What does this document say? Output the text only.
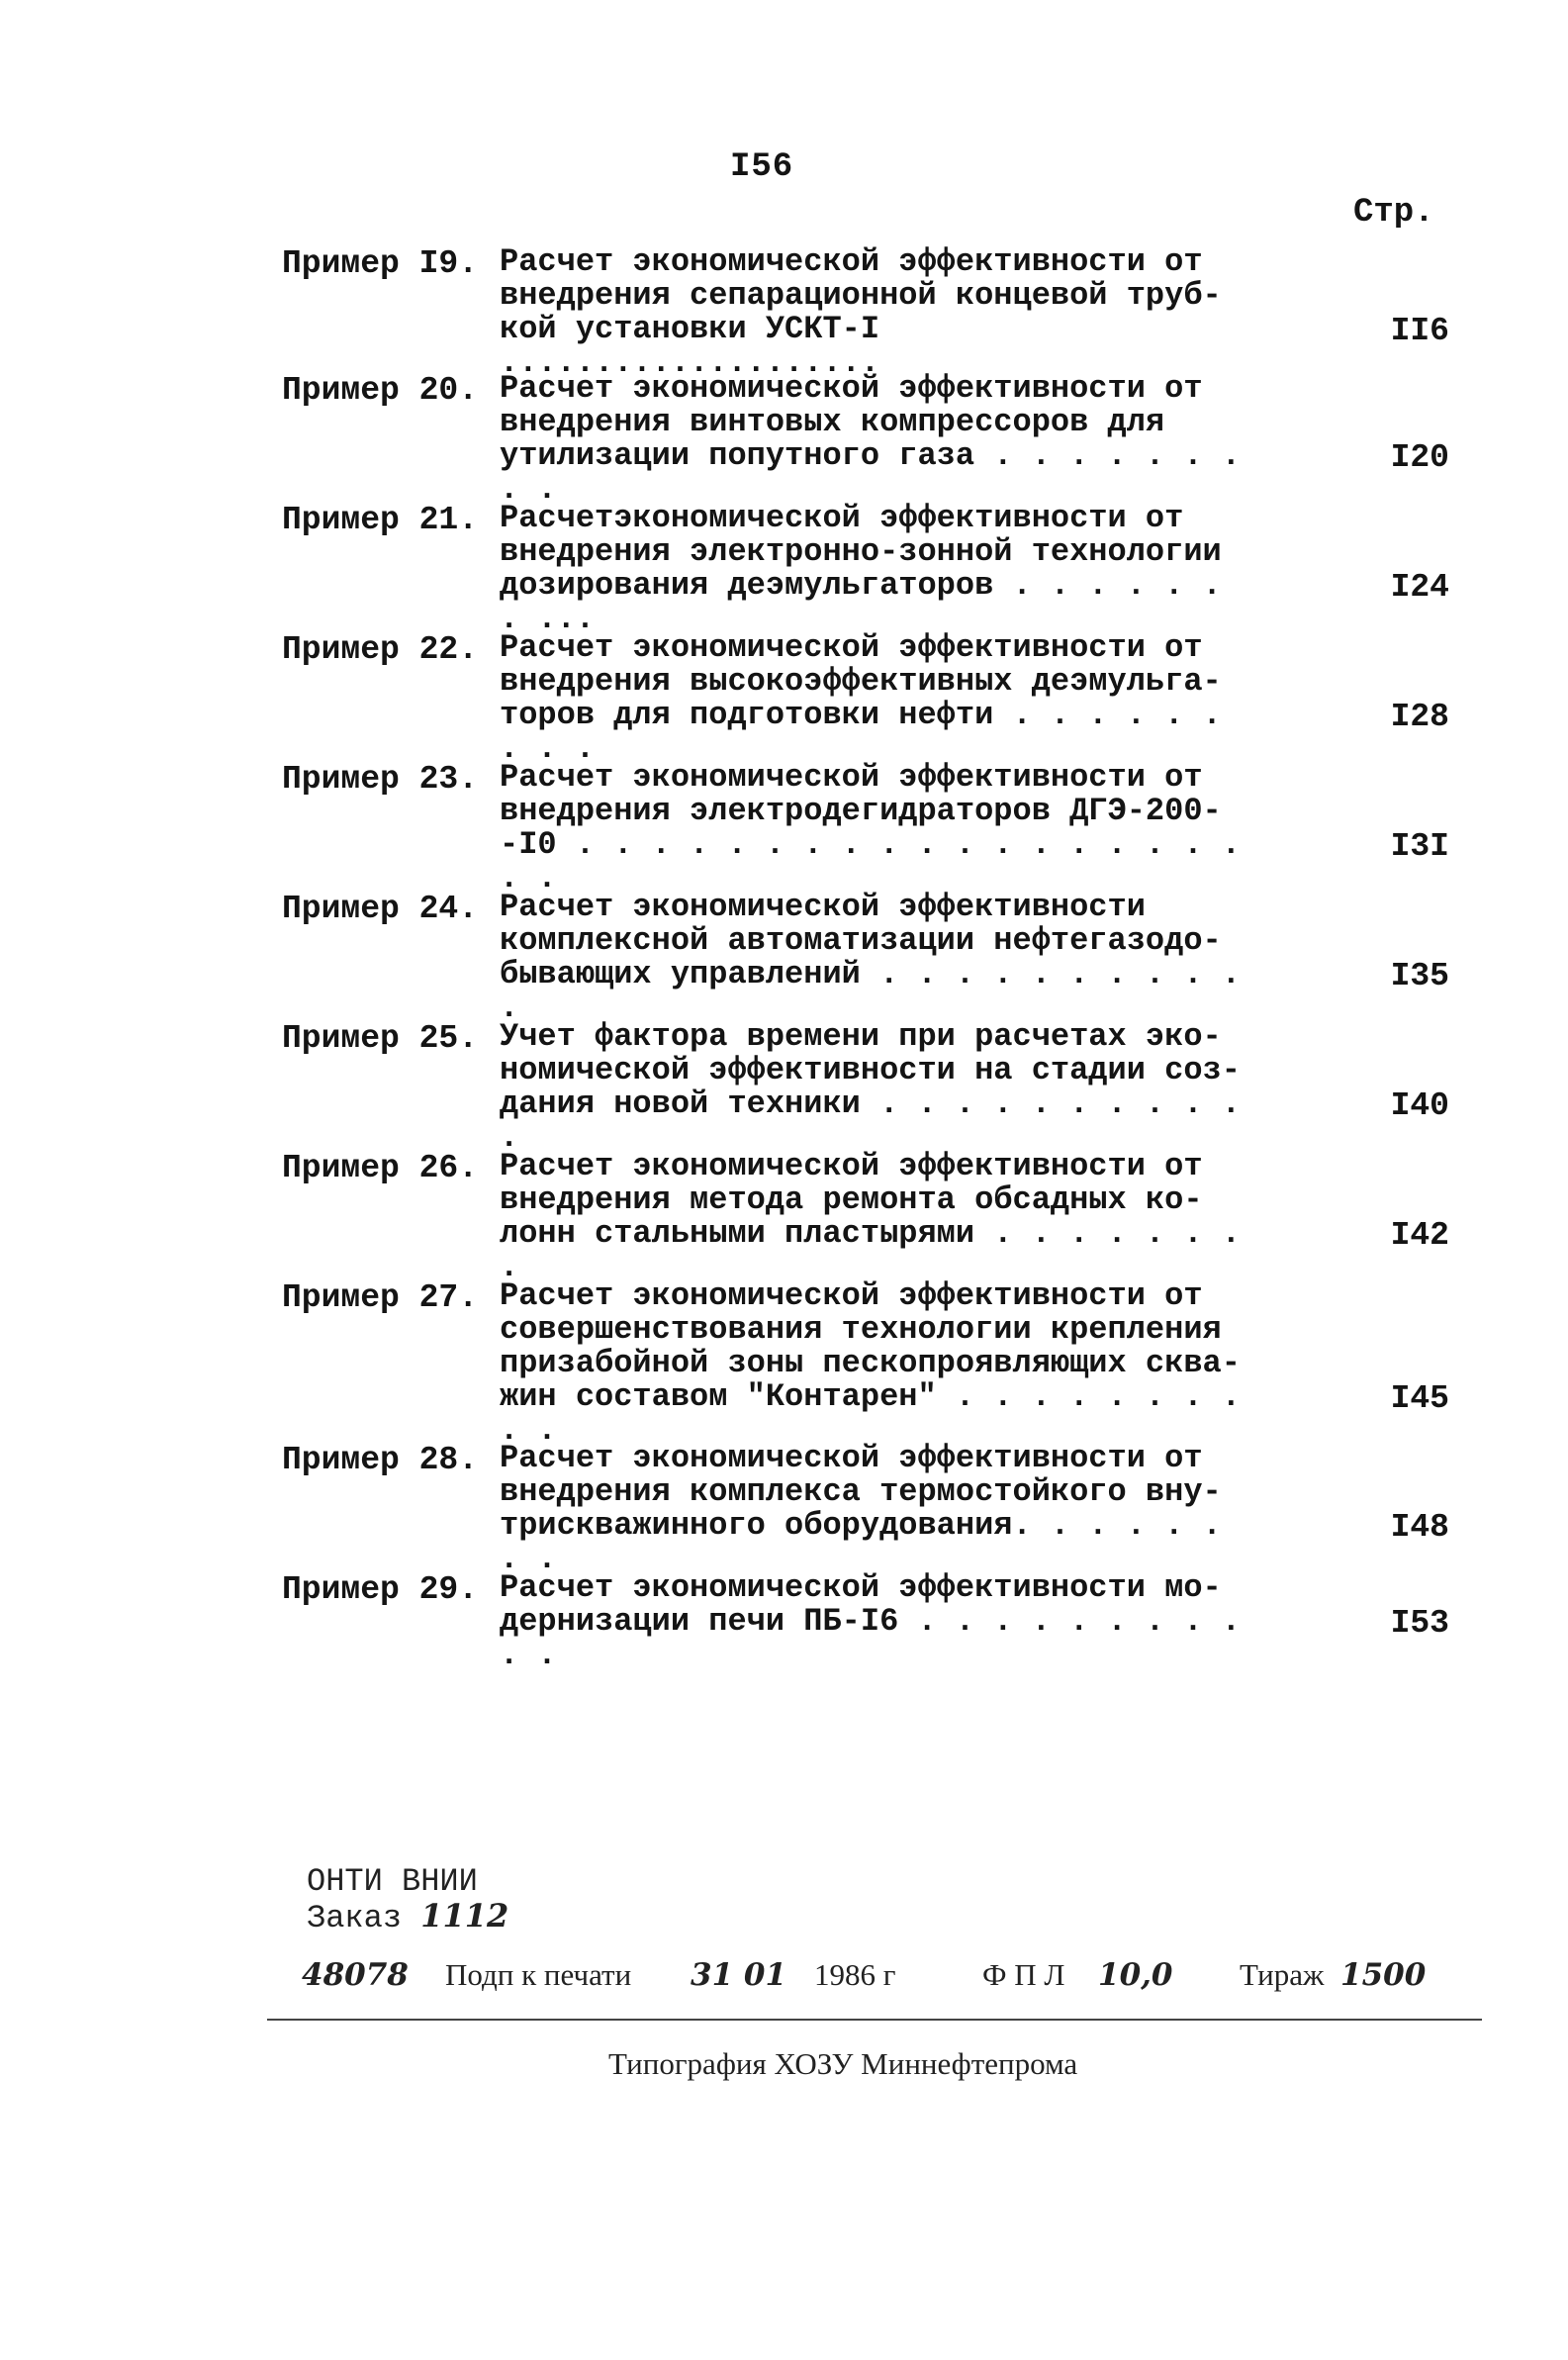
I56
Стр.
Пример I9. Расчет экономической эффективности от
внедрения сепарационной концевой труб-
кой установки УСКТ-I ....................
II6
Пример 20. Расчет экономической эффективности от
внедрения винтовых компрессоров для
утилизации попутного газа . . . . . . . . .
I20
Пример 21. Расчетэкономической эффективности от
внедрения электронно-зонной технологии
дозирования деэмульгаторов . . . . . . . ...
I24
Пример 22. Расчет экономической эффективности от
внедрения высокоэффективных деэмульга-
торов для подготовки нефти . . . . . . . . .
I28
Пример 23. Расчет экономической эффективности от
внедрения электродегидраторов ДГЭ-200-
-I0 . . . . . . . . . . . . . . . . . . . .
I3I
Пример 24. Расчет экономической эффективности
комплексной автоматизации нефтегазодо-
бывающих управлений . . . . . . . . . . .
I35
Пример 25. Учет фактора времени при расчетах эко-
номической эффективности на стадии соз-
дания новой техники . . . . . . . . . . .
I40
Пример 26. Расчет экономической эффективности от
внедрения метода ремонта обсадных ко-
лонн стальными пластырями . . . . . . . .
I42
Пример 27. Расчет экономической эффективности от
совершенствования технологии крепления
призабойной зоны пескопроявляющих сква-
жин составом "Контарен" . . . . . . . . . .
I45
Пример 28. Расчет экономической эффективности от
внедрения комплекса термостойкого вну-
трискважинного оборудования. . . . . . . .
I48
Пример 29. Расчет экономической эффективности мо-
дернизации печи ПБ-I6 . . . . . . . . . . .
I53
ОНТИ ВНИИ
Заказ 1112
48078 Подп к печати 31 01 1986 г	Ф П Л 10,0 Тираж 1500
Типография ХОЗУ Миннефтепрома
